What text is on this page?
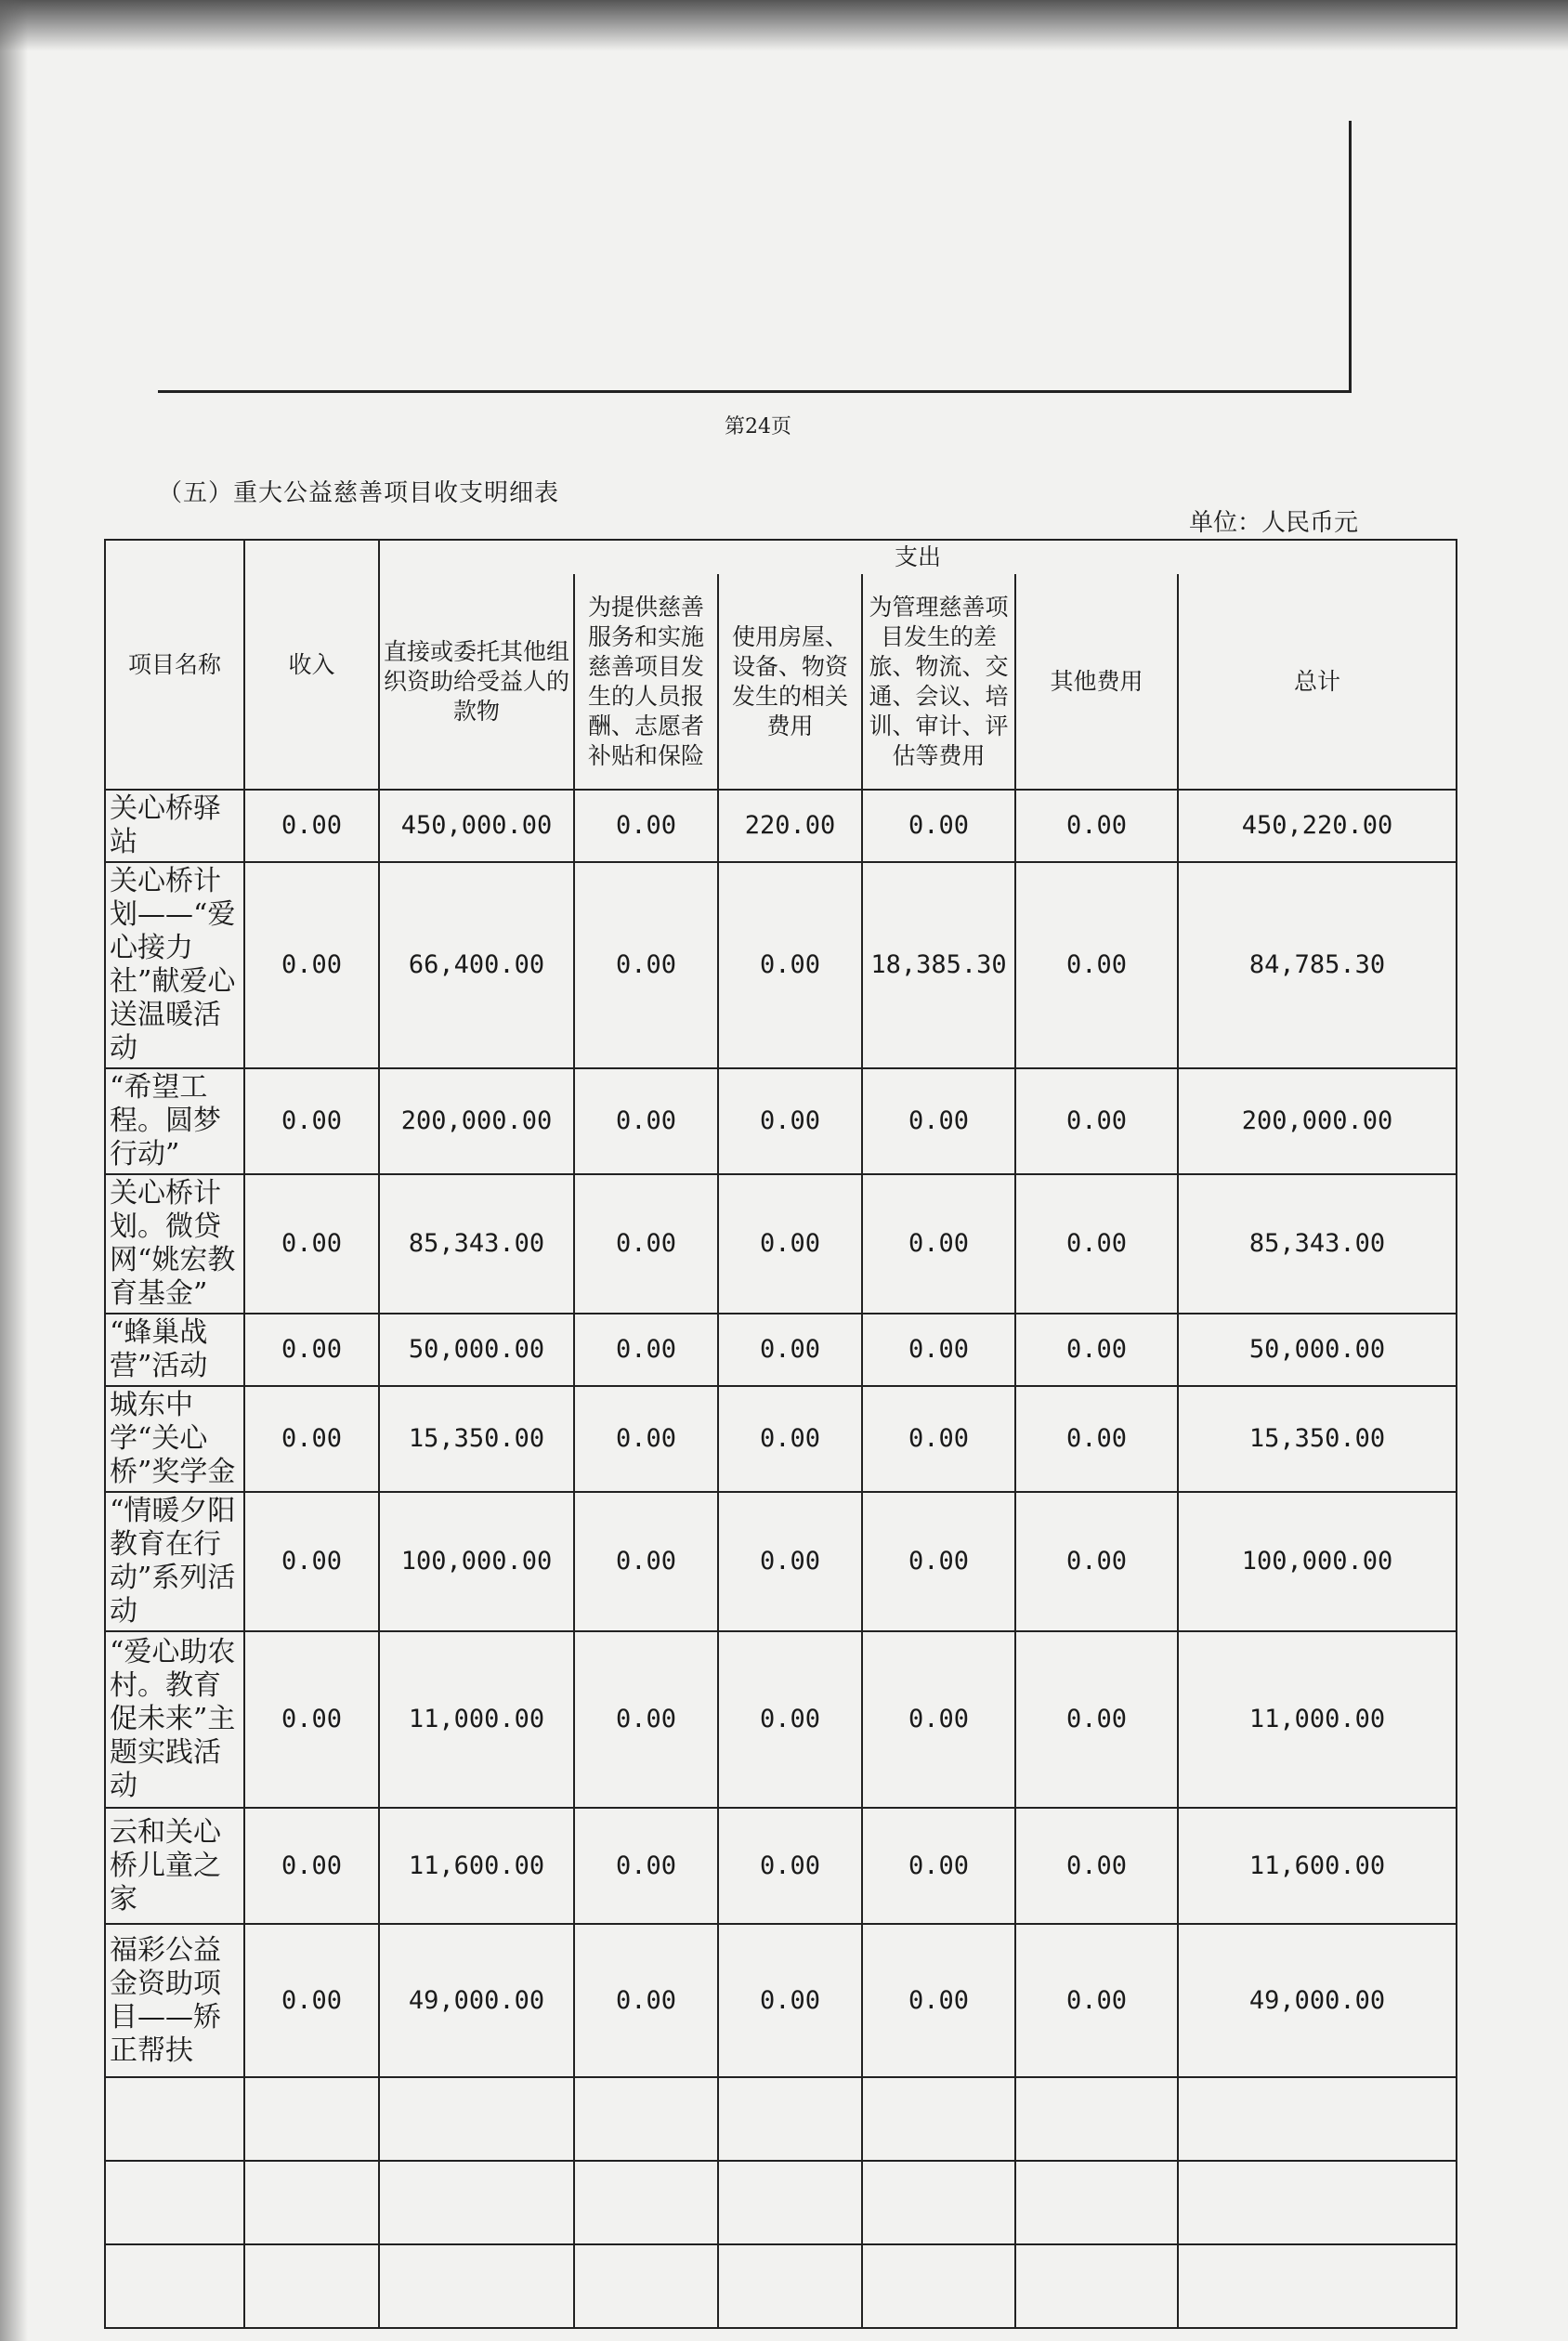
第24页
（五）重大公益慈善项目收支明细表
单位：人民币元
项目名称	收入	支出					
		直接或委托其他组织资助给受益人的款物	为提供慈善服务和实施慈善项目发生的人员报酬、志愿者补贴和保险	使用房屋、设备、物资发生的相关费用	为管理慈善项目发生的差旅、物流、交通、会议、培训、审计、评估等费用	其他费用	总计
关心桥驿站	0.00	450,000.00	0.00	220.00	0.00	0.00	450,220.00
关心桥计划——“爱心接力社”献爱心送温暖活动	0.00	66,400.00	0.00	0.00	18,385.30	0.00	84,785.30
“希望工程。圆梦行动”	0.00	200,000.00	0.00	0.00	0.00	0.00	200,000.00
关心桥计划。微贷网“姚宏教育基金”	0.00	85,343.00	0.00	0.00	0.00	0.00	85,343.00
“蜂巢战营”活动	0.00	50,000.00	0.00	0.00	0.00	0.00	50,000.00
城东中学“关心桥”奖学金	0.00	15,350.00	0.00	0.00	0.00	0.00	15,350.00
“情暖夕阳教育在行动”系列活动	0.00	100,000.00	0.00	0.00	0.00	0.00	100,000.00
“爱心助农村。教育促未来”主题实践活动	0.00	11,000.00	0.00	0.00	0.00	0.00	11,000.00
云和关心桥儿童之家	0.00	11,600.00	0.00	0.00	0.00	0.00	11,600.00
福彩公益金资助项目——矫正帮扶	0.00	49,000.00	0.00	0.00	0.00	0.00	49,000.00
